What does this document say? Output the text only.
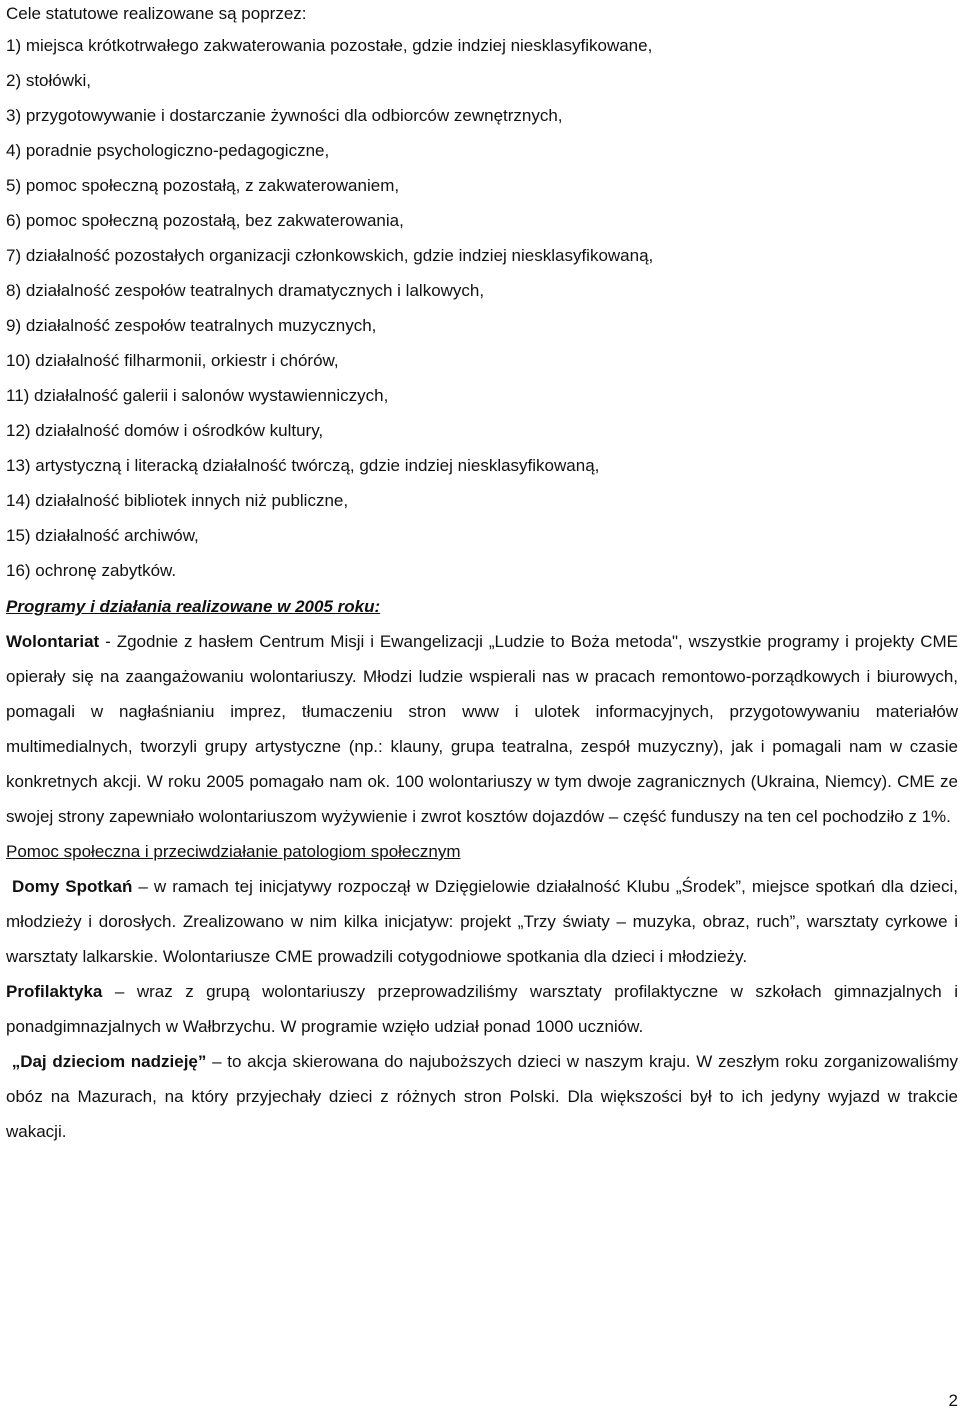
Cele statutowe realizowane są poprzez:
1) miejsca krótkotrwałego zakwaterowania pozostałe, gdzie indziej niesklasyfikowane,
2) stołówki,
3) przygotowywanie i dostarczanie żywności dla odbiorców zewnętrznych,
4) poradnie psychologiczno-pedagogiczne,
5) pomoc społeczną pozostałą, z zakwaterowaniem,
6) pomoc społeczną pozostałą, bez zakwaterowania,
7) działalność pozostałych organizacji członkowskich, gdzie indziej niesklasyfikowaną,
8) działalność zespołów teatralnych dramatycznych i lalkowych,
9) działalność zespołów teatralnych muzycznych,
10) działalność filharmonii, orkiestr i chórów,
11) działalność galerii i salonów wystawienniczych,
12) działalność domów i ośrodków kultury,
13) artystyczną i literacką działalność twórczą, gdzie indziej niesklasyfikowaną,
14) działalność bibliotek innych niż publiczne,
15) działalność archiwów,
16) ochronę zabytków.
Programy i działania realizowane w 2005 roku:

Wolontariat - Zgodnie z hasłem Centrum Misji i Ewangelizacji „Ludzie to Boża metoda", wszystkie programy i projekty CME opierały się na zaangażowaniu wolontariuszy. Młodzi ludzie wspierali nas w pracach remontowo-porządkowych i biurowych, pomagali w nagłaśnianiu imprez, tłumaczeniu stron www i ulotek informacyjnych, przygotowywaniu materiałów multimedialnych, tworzyli grupy artystyczne (np.: klauny, grupa teatralna, zespół muzyczny), jak i pomagali nam w czasie konkretnych akcji. W roku 2005 pomagało nam ok. 100 wolontariuszy w tym dwoje zagranicznych (Ukraina, Niemcy). CME ze swojej strony zapewniało wolontariuszom wyżywienie i zwrot kosztów dojazdów – część funduszy na ten cel pochodziło z 1%.

Pomoc społeczna i przeciwdziałanie patologiom społecznym

Domy Spotkań – w ramach tej inicjatywy rozpoczął w Dzięgielowie działalność Klubu „Środek”, miejsce spotkań dla dzieci, młodzieży i dorosłych. Zrealizowano w nim kilka inicjatyw: projekt „Trzy światy – muzyka, obraz, ruch”, warsztaty cyrkowe i warsztaty lalkarskie. Wolontariusze CME prowadzili cotygodniowe spotkania dla dzieci i młodzieży.

Profilaktyka – wraz z grupą wolontariuszy przeprowadziliśmy warsztaty profilaktyczne w szkołach gimnazjalnych i ponadgimnazjalnych w Wałbrzychu. W programie wzięło udział ponad 1000 uczniów.

„Daj dzieciom nadzieję” – to akcja skierowana do najuboższych dzieci w naszym kraju. W zeszłym roku zorganizowaliśmy obóz na Mazurach, na który przyjechały dzieci z różnych stron Polski. Dla większości był to ich jedyny wyjazd w trakcie wakacji.

2
